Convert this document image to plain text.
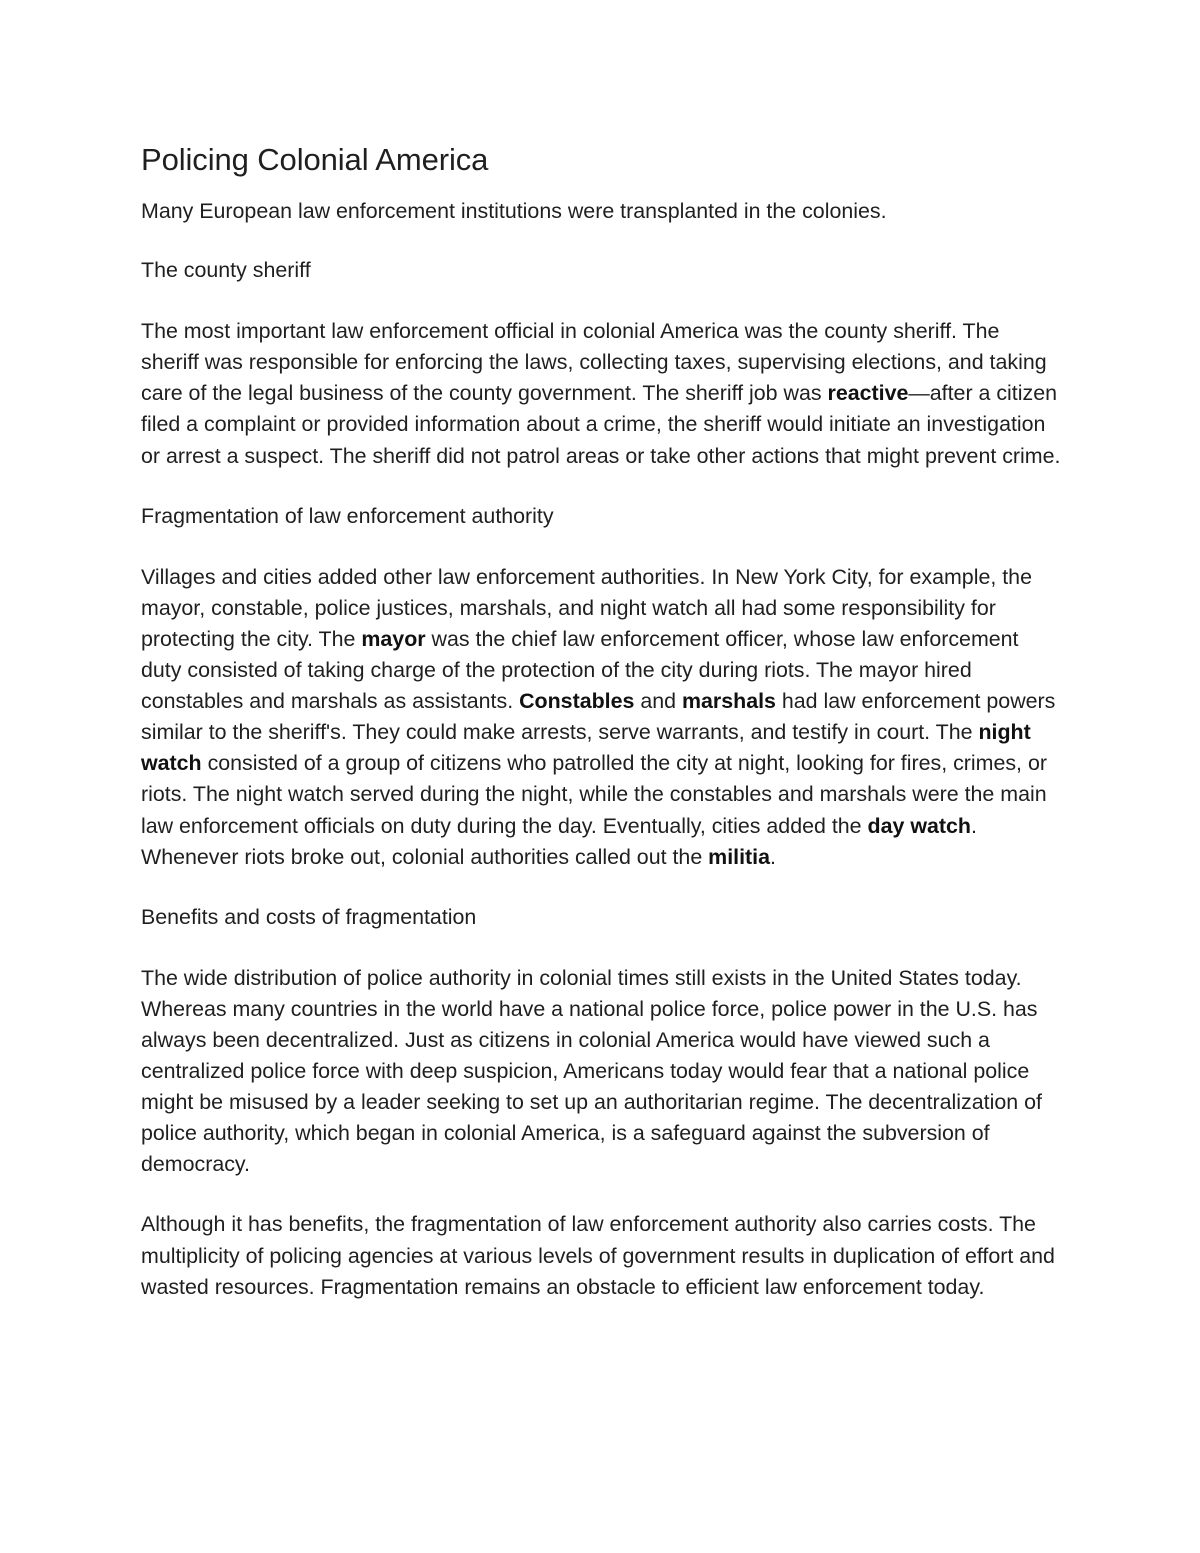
Policing Colonial America

Many European law enforcement institutions were transplanted in the colonies.

The county sheriff

The most important law enforcement official in colonial America was the county sheriff. The sheriff was responsible for enforcing the laws, collecting taxes, supervising elections, and taking care of the legal business of the county government. The sheriff job was reactive—after a citizen filed a complaint or provided information about a crime, the sheriff would initiate an investigation or arrest a suspect. The sheriff did not patrol areas or take other actions that might prevent crime.

Fragmentation of law enforcement authority

Villages and cities added other law enforcement authorities. In New York City, for example, the mayor, constable, police justices, marshals, and night watch all had some responsibility for protecting the city. The mayor was the chief law enforcement officer, whose law enforcement duty consisted of taking charge of the protection of the city during riots. The mayor hired constables and marshals as assistants. Constables and marshals had law enforcement powers similar to the sheriff's. They could make arrests, serve warrants, and testify in court. The night watch consisted of a group of citizens who patrolled the city at night, looking for fires, crimes, or riots. The night watch served during the night, while the constables and marshals were the main law enforcement officials on duty during the day. Eventually, cities added the day watch. Whenever riots broke out, colonial authorities called out the militia.

Benefits and costs of fragmentation

The wide distribution of police authority in colonial times still exists in the United States today. Whereas many countries in the world have a national police force, police power in the U.S. has always been decentralized. Just as citizens in colonial America would have viewed such a centralized police force with deep suspicion, Americans today would fear that a national police might be misused by a leader seeking to set up an authoritarian regime. The decentralization of police authority, which began in colonial America, is a safeguard against the subversion of democracy.

Although it has benefits, the fragmentation of law enforcement authority also carries costs. The multiplicity of policing agencies at various levels of government results in duplication of effort and wasted resources. Fragmentation remains an obstacle to efficient law enforcement today.
